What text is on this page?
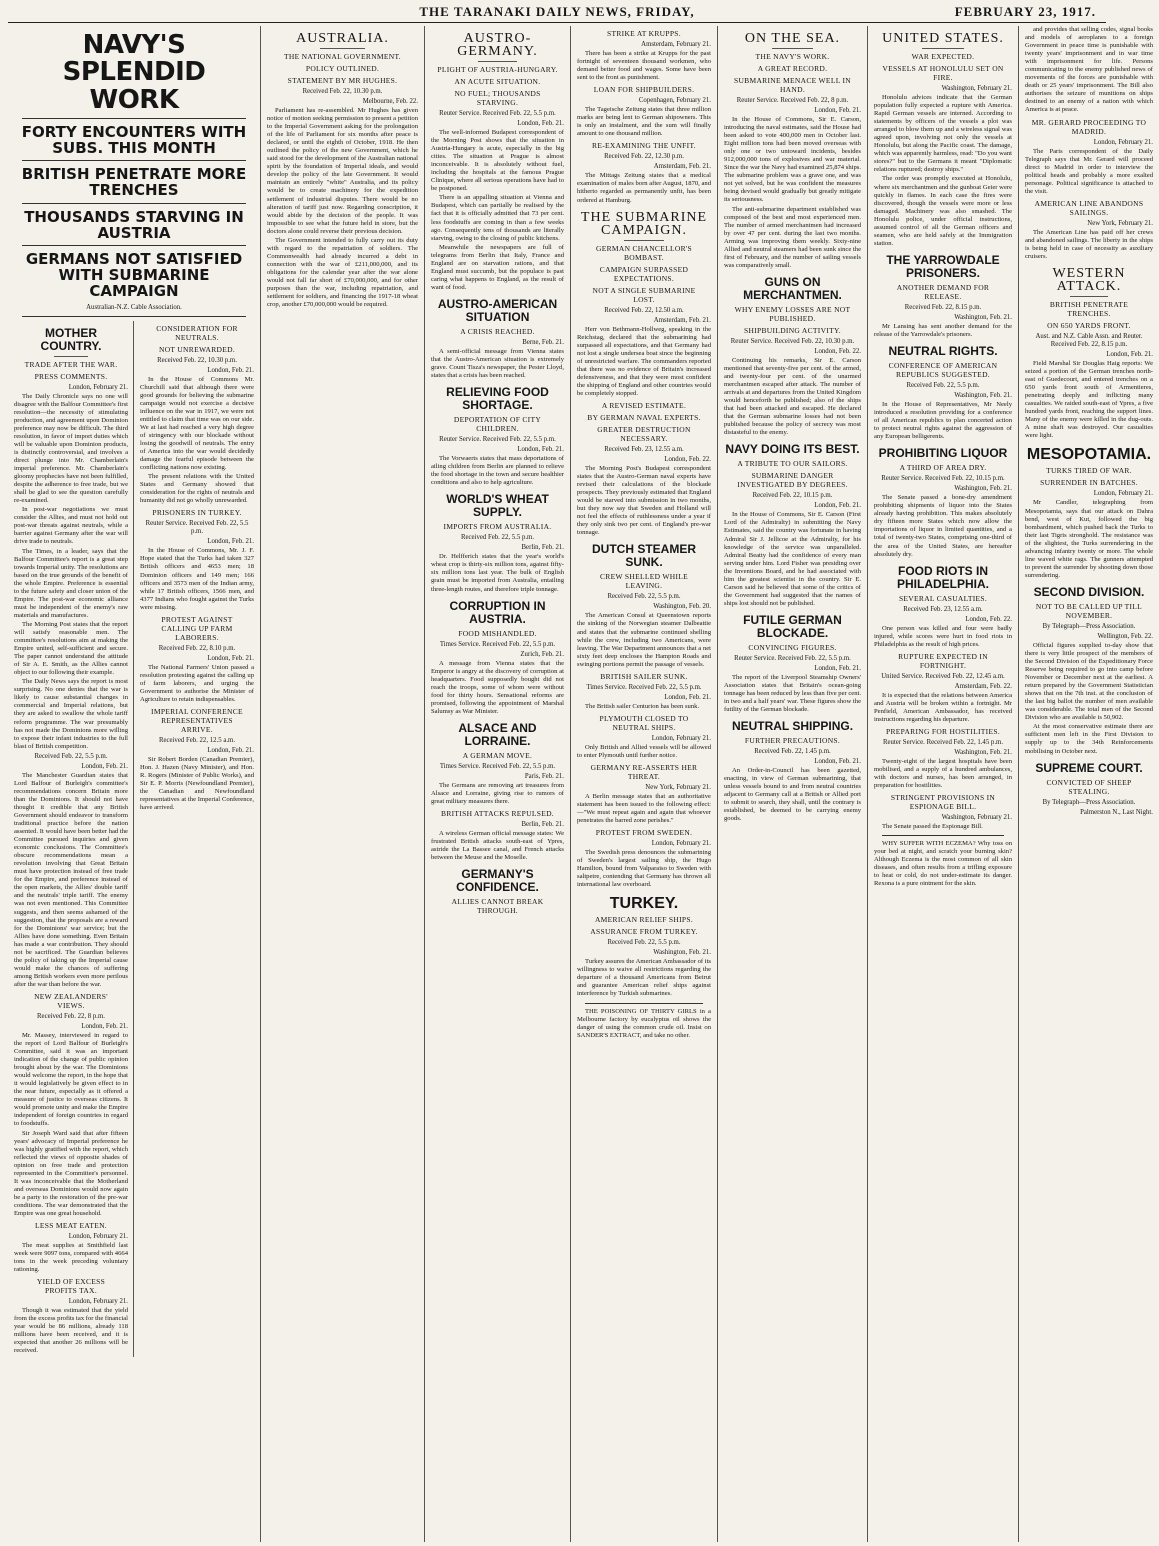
THE TARANAKI DAILY NEWS, FRIDAY,	FEBRUARY 23, 1917.
NAVY'S SPLENDID WORK
FORTY ENCOUNTERS WITH SUBS. THIS MONTH
BRITISH PENETRATE MORE TRENCHES
THOUSANDS STARVING IN AUSTRIA
GERMANS NOT SATISFIED WITH SUBMARINE CAMPAIGN
Australian-N.Z. Cable Association.
MOTHER COUNTRY.
TRADE AFTER THE WAR.
PRESS COMMENTS.
London, February 21.

The Daily Chronicle says no one will disagree with the Balfour Committee's first resolution—the necessity of stimulating production, and agreement upon Dominion preference may now be difficult. The third resolution, in favor of import duties which will be valuable upon Dominion products, is distinctly controversial, and involves a direct plunge into Mr. Chamberlain's imperial preference. Mr. Chamberlain's gloomy prophecies have not been fulfilled, despite the adherence to free trade, but we shall be glad to see the question carefully re-examined.

In post-war negotiations we must consider the Allies, and must not hold out post-war threats against neutrals, while a barrier against Germany after the war will drive trade to neutrals.

The Times, in a leader, says that the Balfour Committee's report is a great step towards Imperial unity. The resolutions are based on the true grounds of the benefit of the whole Empire. Preference is essential to the future safety and closer union of the Empire. The post-war economic alliance must be independent of the enemy's raw materials and manufactures.

The Morning Post states that the report will satisfy reasonable men. The committee's resolutions aim at making the Empire united, self-sufficient and secure. The paper cannot understand the attitude of Sir A. E. Smith, as the Allies cannot object to our following their example.

The Daily News says the report is most surprising. No one denies that the war is likely to cause substantial changes in commercial and Imperial relations, but they are asked to swallow the whole tariff reform programme. The war presumably has not made the Dominions more willing to expose their infant industries to the full blast of British competition.

Received Feb. 22, 5.5 p.m.
London, Feb. 21.

The Manchester Guardian states that Lord Balfour of Burleigh's committee's recommendations concern Britain more than the Dominions. It should not have thought it credible that any British Government should endeavor to transform traditional practice before the nation assented. It would have been better had the Committee pursued inquiries and given economic conclusions. The Committee's obscure recommendations mean a revolution involving that Great Britain must have protection instead of free trade for the Empire, and preference instead of the open markets, the Allies' double tariff and the neutrals' triple tariff. The enemy was not even mentioned. This Committee suggests, and then seems ashamed of the suggestion, that the proposals are a reward for the Dominions' war service; but the Allies have done something. Even Britain has made a war contribution. They should not be sacrificed. The Guardian believes the policy of taking up the Imperial cause would make the chances of suffering among British workers even more perilous after the war than before the war.

NEW ZEALANDERS' VIEWS.
Received Feb. 22, 8 p.m.
London, Feb. 21.

Mr. Massey, interviewed in regard to the report of Lord Balfour of Burleigh's Committee, said it was an important indication of the change of public opinion brought about by the war. The Dominions would welcome the report, in the hope that it would legislatively be given effect to in the near future, especially as it offered a measure of justice to overseas citizens. It would promote unity and make the Empire independent of foreign countries in regard to foodstuffs.

Sir Joseph Ward said that after fifteen years' advocacy of Imperial preference he was highly gratified with the report, which reflected the views of opposite shades of opinion on free trade and protection represented in the Committee's personnel. It was inconceivable that the Motherland and overseas Dominions would now again be a party to the restoration of the pre-war conditions. The war demonstrated that the Empire was one great household.

LESS MEAT EATEN.
London, February 21.

The meat supplies at Smithfield last week were 9097 tons, compared with 4664 tons in the week preceding voluntary rationing.

YIELD OF EXCESS PROFITS TAX.
London, February 21.

Though it was estimated that the yield from the excess profits tax for the financial year would be 86 millions, already 118 millions have been received, and it is expected that another 26 millions will be received.

CONSIDERATION FOR NEUTRALS.
NOT UNREWARDED.
Received Feb. 22, 10.30 p.m.
London, Feb. 21.

In the House of Commons Mr. Churchill said that although there were good grounds for believing the submarine campaign would not exercise a decisive influence on the war in 1917, we were not entitled to claim that time was on our side. We at last had reached a very high degree of stringency with our blockade without losing the goodwill of neutrals. The entry of America into the war would decidedly damage the fearful episode between the conflicting nations now existing.

The present relations with the United States and Germany showed that consideration for the rights of neutrals and humanity did not go wholly unrewarded.

PRISONERS IN TURKEY.
Reuter Service. Received Feb. 22, 5.5 p.m.
London, Feb. 21.

In the House of Commons, Mr. J. F. Hope stated that the Turks had taken 327 British officers and 4653 men; 18 Dominion officers and 149 men; 166 officers and 3573 men of the Indian army, while 17 British officers, 1566 men, and 4377 Indians who fought against the Turks were missing.

PROTEST AGAINST CALLING UP FARM LABORERS.
Received Feb. 22, 8.10 p.m.
London, Feb. 21.

The National Farmers' Union passed a resolution protesting against the calling up of farm laborers, and urging the Government to authorise the Minister of Agriculture to retain indispensables.

IMPERIAL CONFERENCE REPRESENTATIVES ARRIVE.
Received Feb. 22, 12.5 a.m.
London, Feb. 21.

Sir Robert Borden (Canadian Premier), Hon. J. Hazen (Navy Minister), and Hon. R. Rogers (Minister of Public Works), and Sir E. P. Morris (Newfoundland Premier), the Canadian and Newfoundland representatives at the Imperial Conference, have arrived.

AUSTRALIA.
THE NATIONAL GOVERNMENT.
POLICY OUTLINED.
STATEMENT BY MR HUGHES.
Received Feb. 22, 10.30 p.m.
Melbourne, Feb. 22.

Parliament has re-assembled. Mr Hughes has given notice of motion seeking permission to present a petition to the Imperial Government asking for the prolongation of the life of Parliament for six months after peace is declared, or until the eighth of October, 1918. He then outlined the policy of the new Government, which he said stood for the development of the Australian national spirit by the foundation of Imperial ideals, and would develop the policy of the late Government. It would maintain an entirely "white" Australia, and its policy would be to create machinery for the expedition settlement of industrial disputes. There would be no alteration of tariff just now. Regarding conscription, it would abide by the decision of the people. It was impossible to see what the future held in store, but the doctors alone could reverse their previous decision.

The Government intended to fully carry out its duty with regard to the repatriation of soldiers. The Commonwealth had already incurred a debt in connection with the war of £211,000,000, and its obligations for the calendar year after the war alone would not fall far short of £70,000,000, and for other purposes than the war, including repatriation, and settlement for soldiers, and financing the 1917-18 wheat crop, another £70,000,000 would be required.

AUSTRO-GERMANY.
PLIGHT OF AUSTRIA-HUNGARY.
AN ACUTE SITUATION.
NO FUEL; THOUSANDS STARVING.
Reuter Service. Received Feb. 22, 5.5 p.m.
London, Feb. 21.

The well-informed Budapest correspondent of the Morning Post shows that the situation in Austria-Hungary is acute, especially in the big cities. The situation at Prague is almost inconceivable. It is absolutely without fuel, including the hospitals at the famous Prague Clinique, where all serious operations have had to be postponed.

There is an appalling situation at Vienna and Budapest, which can partially be realised by the fact that it is officially admitted that 73 per cent. less foodstuffs are coming in than a few weeks ago. Consequently tens of thousands are literally starving, owing to the closing of public kitchens.

Meanwhile the newspapers are full of telegrams from Berlin that Italy, France and England are on starvation rations, and that England must succumb, but the populace is past caring what happens to England, as the result of want of food.

AUSTRO-AMERICAN SITUATION
A CRISIS REACHED.
Berne, Feb. 21.

A semi-official message from Vienna states that the Austro-American situation is extremely grave. Count Tisza's newspaper, the Pester Lloyd, states that a crisis has been reached.

RELIEVING FOOD SHORTAGE.
DEPORTATION OF CITY CHILDREN.
Reuter Service. Received Feb. 22, 5.5 p.m.
London, Feb. 21.

The Vorwaerts states that mass deportations of ailing children from Berlin are planned to relieve the food shortage in the town and secure healthier conditions and also to help agriculture.

WORLD'S WHEAT SUPPLY.
IMPORTS FROM AUSTRALIA.
Received Feb. 22, 5.5 p.m.
Berlin, Feb. 21.

Dr. Helfferich states that the year's world's wheat crop is thirty-six million tons, against fifty-six million tons last year. The bulk of English grain must be imported from Australia, entailing three-length routes, and therefore triple tonnage.

CORRUPTION IN AUSTRIA.
FOOD MISHANDLED.
Times Service. Received Feb. 22, 5.5 p.m.
Zurich, Feb. 21.

A message from Vienna states that the Emperor is angry at the discovery of corruption at headquarters. Food supposedly bought did not reach the troops, some of whom were without food for thirty hours. Sensational reforms are promised, following the appointment of Marshal Salumsy as War Minister.

ALSACE AND LORRAINE.
A GERMAN MOVE.
Times Service. Received Feb. 22, 5.5 p.m.
Paris, Feb. 21.

The Germans are removing art treasures from Alsace and Lorraine, giving rise to rumors of great military measures there.

BRITISH ATTACKS REPULSED.
Berlin, Feb. 21.

A wireless German official message states: We frustrated British attacks south-east of Ypres, astride the La Bassee canal, and French attacks between the Meuse and the Moselle.

GERMANY'S CONFIDENCE.
ALLIES CANNOT BREAK THROUGH.
STRIKE AT KRUPPS.
Amsterdam, February 21.

There has been a strike at Krupps for the past fortnight of seventeen thousand workmen, who demand better food and wages. Some have been sent to the front as punishment.

LOAN FOR SHIPBUILDERS.
Copenhagen, February 21.

The Tageische Zeitung states that three million marks are being lent to German shipowners. This is only an instalment, and the sum will finally amount to one thousand million.

RE-EXAMINING THE UNFIT.
Received Feb. 22, 12.30 p.m.
Amsterdam, Feb. 21.

The Mittags Zeitung states that a medical examination of males born after August, 1870, and hitherto regarded as permanently unfit, has been ordered at Hamburg.

THE SUBMARINE CAMPAIGN.
GERMAN CHANCELLOR'S BOMBAST.
CAMPAIGN SURPASSED EXPECTATIONS.
NOT A SINGLE SUBMARINE LOST.
Received Feb. 22, 12.50 a.m.
Amsterdam, Feb. 21.

Herr von Bethmann-Hollweg, speaking in the Reichstag, declared that the submarining had surpassed all expectations, and that Germany had not lost a single undersea boat since the beginning of unrestricted warfare. The commanders reported that there was no evidence of Britain's increased defensiveness, and that they were most confident the shipping of England and other countries would be completely stopped.

A REVISED ESTIMATE.
BY GERMAN NAVAL EXPERTS.
GREATER DESTRUCTION NECESSARY.
Received Feb. 23, 12.55 a.m.
London, Feb. 22.

The Morning Post's Budapest correspondent states that the Austro-German naval experts have revised their calculations of the blockade prospects. They previously estimated that England would be starved into submission in two months, but they now say that Sweden and Holland will not feel the effects of ruthlessness under a year if they only sink two per cent. of England's pre-war tonnage.

DUTCH STEAMER SUNK.
CREW SHELLED WHILE LEAVING.
Received Feb. 22, 5.5 p.m.
Washington, Feb. 20.

The American Consul at Queenstown reports the sinking of the Norwegian steamer Dalbeattie and states that the submarine continued shelling while the crew, including two Americans, were leaving. The War Department announces that a net sixty feet deep encloses the Hampton Roads and swinging portions permit the passage of vessels.

BRITISH SAILER SUNK.
Times Service. Received Feb. 22, 5.5 p.m.
London, Feb. 21.

The British sailer Centurion has been sunk.

PLYMOUTH CLOSED TO NEUTRAL SHIPS.
London, February 21.

Only British and Allied vessels will be allowed to enter Plymouth until further notice.

GERMANY RE-ASSERTS HER THREAT.
New York, February 21.

A Berlin message states that an authoritative statement has been issued to the following effect:—"We must repeat again and again that whoever penetrates the barred zone perishes."

PROTEST FROM SWEDEN.
London, February 21.

The Swedish press denounces the submarining of Sweden's largest sailing ship, the Hugo Hamilton, bound from Valparaiso to Sweden with saltpetre, contending that Germany has thrown all international law overboard.

TURKEY.
AMERICAN RELIEF SHIPS.
ASSURANCE FROM TURKEY.
Received Feb. 22, 5.5 p.m.
Washington, Feb. 21.

Turkey assures the American Ambassador of its willingness to waive all restrictions regarding the departure of a thousand Americans from Beirut and guarantee American relief ships against interference by Turkish submarines.

THE POISONING OF THIRTY GIRLS in a Melbourne factory by eucalyptus oil shows the danger of using the common crude oil. Insist on SANDER'S EXTRACT, and take no other.

ON THE SEA.
THE NAVY'S WORK.
A GREAT RECORD.
SUBMARINE MENACE WELL IN HAND.
Reuter Service. Received Feb. 22, 8 p.m.
London, Feb. 21.

In the House of Commons, Sir E. Carson, introducing the naval estimates, said the House had been asked to vote 400,000 men in October last. Eight million tons had been moved overseas with only one or two untoward incidents, besides 912,000,000 tons of explosives and war material. Since the war the Navy had examined 25,874 ships. The submarine problem was a grave one, and was not yet solved, but he was confident the measures being devised would gradually but greatly mitigate its seriousness.

The anti-submarine department established was composed of the best and most experienced men. The number of armed merchantmen had increased by over 47 per cent. during the last two months. Arming was improving them weekly. Sixty-nine Allied and neutral steamers had been sunk since the first of February, and the number of sailing vessels was comparatively small.

GUNS ON MERCHANTMEN.
WHY ENEMY LOSSES ARE NOT PUBLISHED.
SHIPBUILDING ACTIVITY.
Reuter Service. Received Feb. 22, 10.30 p.m.
London, Feb. 22.

Continuing his remarks, Sir E. Carson mentioned that seventy-five per cent. of the armed, and twenty-four per cent. of the unarmed merchantmen escaped after attack. The number of arrivals at and departures from the United Kingdom would henceforth be published; also of the ships that had been attacked and escaped. He declared that the German submarine losses had not been published because the policy of secrecy was most distasteful to the enemy.

NAVY DOING ITS BEST.
A TRIBUTE TO OUR SAILORS.
SUBMARINE DANGER INVESTIGATED BY DEGREES.
Received Feb. 22, 10.15 p.m.
London, Feb. 21.

In the House of Commons, Sir E. Carson (First Lord of the Admiralty) in submitting the Navy Estimates, said the country was fortunate in having Admiral Sir J. Jellicoe at the Admiralty, for his knowledge of the service was unparalleled. Admiral Beatty had the confidence of every man serving under him. Lord Fisher was presiding over the Inventions Board, and he had associated with him the greatest scientist in the country. Sir E. Carson said he believed that some of the critics of the Government had suggested that the names of ships lost should not be published.

FUTILE GERMAN BLOCKADE.
CONVINCING FIGURES.
Reuter Service. Received Feb. 22, 5.5 p.m.
London, Feb. 21.

The report of the Liverpool Steamship Owners' Association states that Britain's ocean-going tonnage has been reduced by less than five per cent. in two and a half years' war. These figures show the futility of the German blockade.

NEUTRAL SHIPPING.
FURTHER PRECAUTIONS.
Received Feb. 22, 1.45 p.m.
London, Feb. 21.

An Order-in-Council has been gazetted, enacting, in view of German submarining, that unless vessels bound to and from neutral countries adjacent to Germany call at a British or Allied port to submit to search, they shall, until the contrary is established, be deemed to be carrying enemy goods.

UNITED STATES.
WAR EXPECTED.
VESSELS AT HONOLULU SET ON FIRE.
Washington, February 21.

Honolulu advices indicate that the German population fully expected a rupture with America. Rapid German vessels are interned. According to statements by officers of the vessels a plot was arranged to blow them up and a wireless signal was agreed upon, involving not only the vessels at Honolulu, but along the Pacific coast. The damage, which was apparently harmless, read: "Do you want stores?" but to the Germans it meant "Diplomatic relations ruptured; destroy ships."

The order was promptly executed at Honolulu, where six merchantmen and the gunboat Geier were quickly in flames. In each case the fires were discovered, though the vessels were more or less damaged. Machinery was also smashed. The Honolulu police, under official instructions, assumed control of all the German officers and seamen, who are held safely at the Immigration station.

THE YARROWDALE PRISONERS.
ANOTHER DEMAND FOR RELEASE.
Received Feb. 22, 8.15 p.m.
Washington, Feb. 21.

Mr Lansing has sent another demand for the release of the Yarrowdale's prisoners.

NEUTRAL RIGHTS.
CONFERENCE OF AMERICAN REPUBLICS SUGGESTED.
Received Feb. 22, 5.5 p.m.
Washington, Feb. 21.

In the House of Representatives, Mr Neely introduced a resolution providing for a conference of all American republics to plan concerted action to protect neutral rights against the aggression of any European belligerents.

PROHIBITING LIQUOR
A THIRD OF AREA DRY.
Reuter Service. Received Feb. 22, 10.15 p.m.
Washington, Feb. 21.

The Senate passed a bone-dry amendment prohibiting shipments of liquor into the States already having prohibition. This makes absolutely dry fifteen more States which now allow the importations of liquor in limited quantities, and a total of twenty-two States, comprising one-third of the area of the United States, are hereafter absolutely dry.

FOOD RIOTS IN PHILADELPHIA.
SEVERAL CASUALTIES.
Received Feb. 23, 12.55 a.m.
London, Feb. 22.

One person was killed and four were badly injured, while scores were hurt in food riots in Philadelphia as the result of high prices.

RUPTURE EXPECTED IN FORTNIGHT.
United Service. Received Feb. 22, 12.45 a.m.
Amsterdam, Feb. 22.

It is expected that the relations between America and Austria will be broken within a fortnight. Mr Penfield, American Ambassador, has received instructions regarding his departure.

PREPARING FOR HOSTILITIES.
Reuter Service. Received Feb. 22, 1.45 p.m.
Washington, Feb. 21.

Twenty-eight of the largest hospitals have been mobilised, and a supply of a hundred ambulances, with doctors and nurses, has been arranged, in preparation for hostilities.

STRINGENT PROVISIONS IN ESPIONAGE BILL.
Washington, February 21.

The Senate passed the Espionage Bill.

WHY SUFFER WITH ECZEMA? Why toss on your bed at night, and scratch your burning skin? Although Eczema is the most common of all skin diseases, and often results from a trifling exposure to heat or cold, do not under-estimate its danger. Rexona is a pure ointment for the skin.

and provides that selling codes, signal books and models of aeroplanes to a foreign Government in peace time is punishable with twenty years' imprisonment and in war time with imprisonment for life. Persons communicating to the enemy published news of movements of the forces are punishable with death or 25 years' imprisonment. The Bill also authorises the seizure of munitions on ships destined to an enemy of a nation with which America is at peace.

MR. GERARD PROCEEDING TO MADRID.
London, February 21.

The Paris correspondent of the Daily Telegraph says that Mr. Gerard will proceed direct to Madrid in order to interview the political heads and probably a more exalted personage. Political significance is attached to the visit.

AMERICAN LINE ABANDONS SAILINGS.
New York, February 21.

The American Line has paid off her crews and abandoned sailings. The liberty in the ships is being held in case of necessity as auxiliary cruisers.

WESTERN ATTACK.
BRITISH PENETRATE TRENCHES.
ON 650 YARDS FRONT.
Aust. and N.Z. Cable Assn. and Reuter. Received Feb. 22, 8.15 p.m.
London, Feb. 21.

Field Marshal Sir Douglas Haig reports: We seized a portion of the German trenches north-east of Guedecourt, and entered trenches on a 650 yards front south of Armentieres, penetrating deeply and inflicting many casualties. We raided south-east of Ypres, a five hundred yards front, reaching the support lines. Many of the enemy were killed in the dug-outs. A mine shaft was destroyed. Our casualties were light.

MESOPOTAMIA.
TURKS TIRED OF WAR.
SURRENDER IN BATCHES.
London, February 21.

Mr Candler, telegraphing from Mesopotamia, says that our attack on Dahra bend, west of Kut, followed the big bombardment, which pushed back the Turks to their last Tigris stronghold. The resistance was of the slightest, the Turks surrendering in the advancing infantry twenty or more. The whole line waved white rags. The gunners attempted to prevent the surrender by shooting down those surrendering.

SECOND DIVISION.
NOT TO BE CALLED UP TILL NOVEMBER.
By Telegraph—Press Association.
Wellington, Feb. 22.

Official figures supplied to-day show that there is very little prospect of the members of the Second Division of the Expeditionary Force Reserve being required to go into camp before November or December next at the earliest. A return prepared by the Government Statistician shows that on the 7th inst. at the conclusion of the last big ballot the number of men available was considerable. The total men of the Second Division who are available is 50,902.

At the most conservative estimate there are sufficient men left in the First Division to supply up to the 34th Reinforcements mobilising in October next.

SUPREME COURT.
CONVICTED OF SHEEP STEALING.
By Telegraph—Press Association.
Palmerston N., Last Night.
